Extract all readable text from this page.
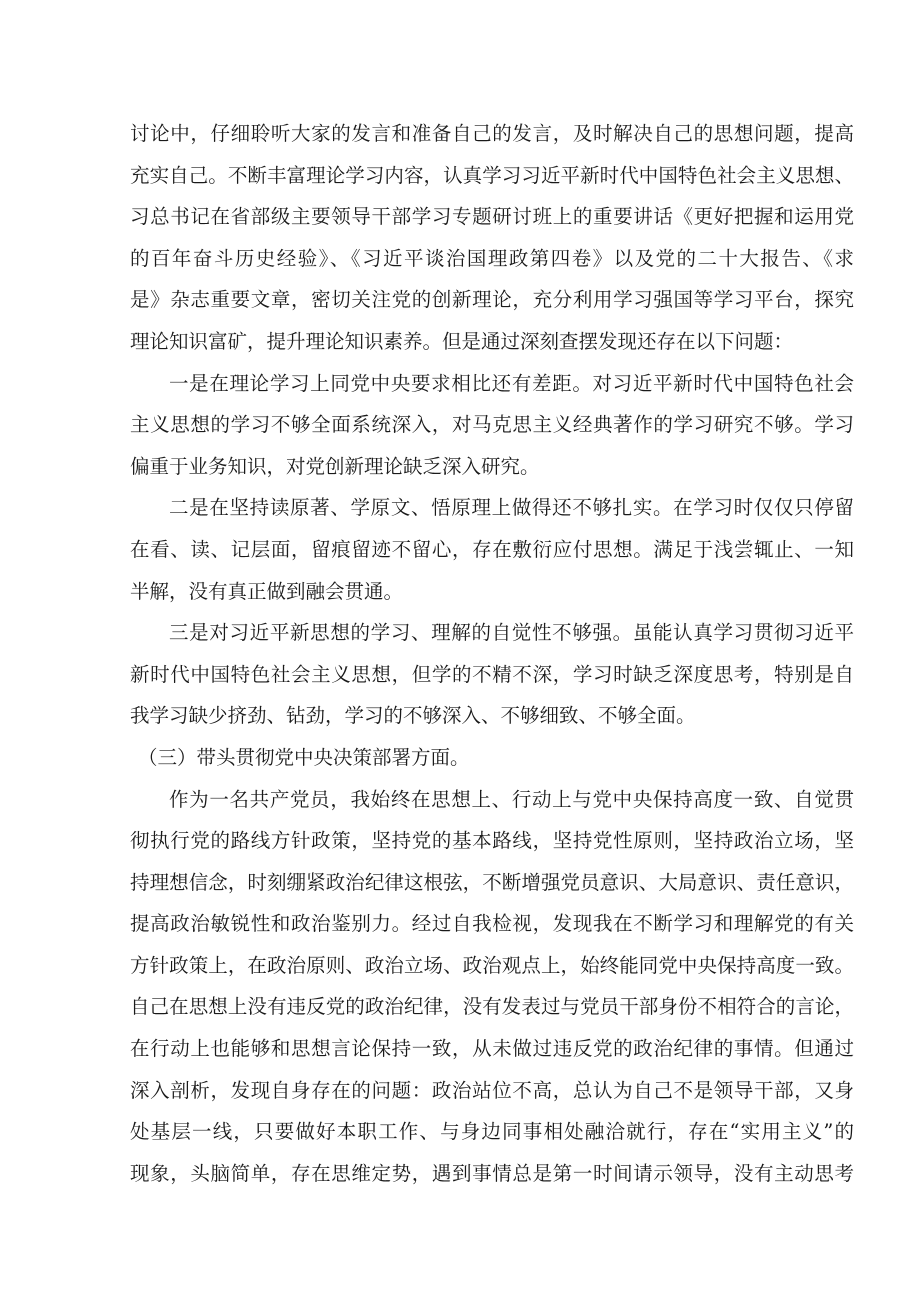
讨论中，仔细聆听大家的发言和准备自己的发言，及时解决自己的思想问题，提高
充实自己。不断丰富理论学习内容，认真学习习近平新时代中国特色社会主义思想、
习总书记在省部级主要领导干部学习专题研讨班上的重要讲话《更好把握和运用党
的百年奋斗历史经验》、《习近平谈治国理政第四卷》以及党的二十大报告、《求
是》杂志重要文章，密切关注党的创新理论，充分利用学习强国等学习平台，探究
理论知识富矿，提升理论知识素养。但是通过深刻查摆发现还存在以下问题：
一是在理论学习上同党中央要求相比还有差距。对习近平新时代中国特色社会
主义思想的学习不够全面系统深入，对马克思主义经典著作的学习研究不够。学习
偏重于业务知识，对党创新理论缺乏深入研究。
二是在坚持读原著、学原文、悟原理上做得还不够扎实。在学习时仅仅只停留
在看、读、记层面，留痕留迹不留心，存在敷衍应付思想。满足于浅尝辄止、一知
半解，没有真正做到融会贯通。
三是对习近平新思想的学习、理解的自觉性不够强。虽能认真学习贯彻习近平
新时代中国特色社会主义思想，但学的不精不深，学习时缺乏深度思考，特别是自
我学习缺少挤劲、钻劲，学习的不够深入、不够细致、不够全面。
（三）带头贯彻党中央决策部署方面。
作为一名共产党员，我始终在思想上、行动上与党中央保持高度一致、自觉贯
彻执行党的路线方针政策，坚持党的基本路线，坚持党性原则，坚持政治立场，坚
持理想信念，时刻绷紧政治纪律这根弦，不断增强党员意识、大局意识、责任意识，
提高政治敏锐性和政治鉴别力。经过自我检视，发现我在不断学习和理解党的有关
方针政策上，在政治原则、政治立场、政治观点上，始终能同党中央保持高度一致。
自己在思想上没有违反党的政治纪律，没有发表过与党员干部身份不相符合的言论，
在行动上也能够和思想言论保持一致，从未做过违反党的政治纪律的事情。但通过
深入剖析，发现自身存在的问题：政治站位不高，总认为自己不是领导干部，又身
处基层一线，只要做好本职工作、与身边同事相处融洽就行，存在“实用主义”的
现象，头脑简单，存在思维定势，遇到事情总是第一时间请示领导，没有主动思考
